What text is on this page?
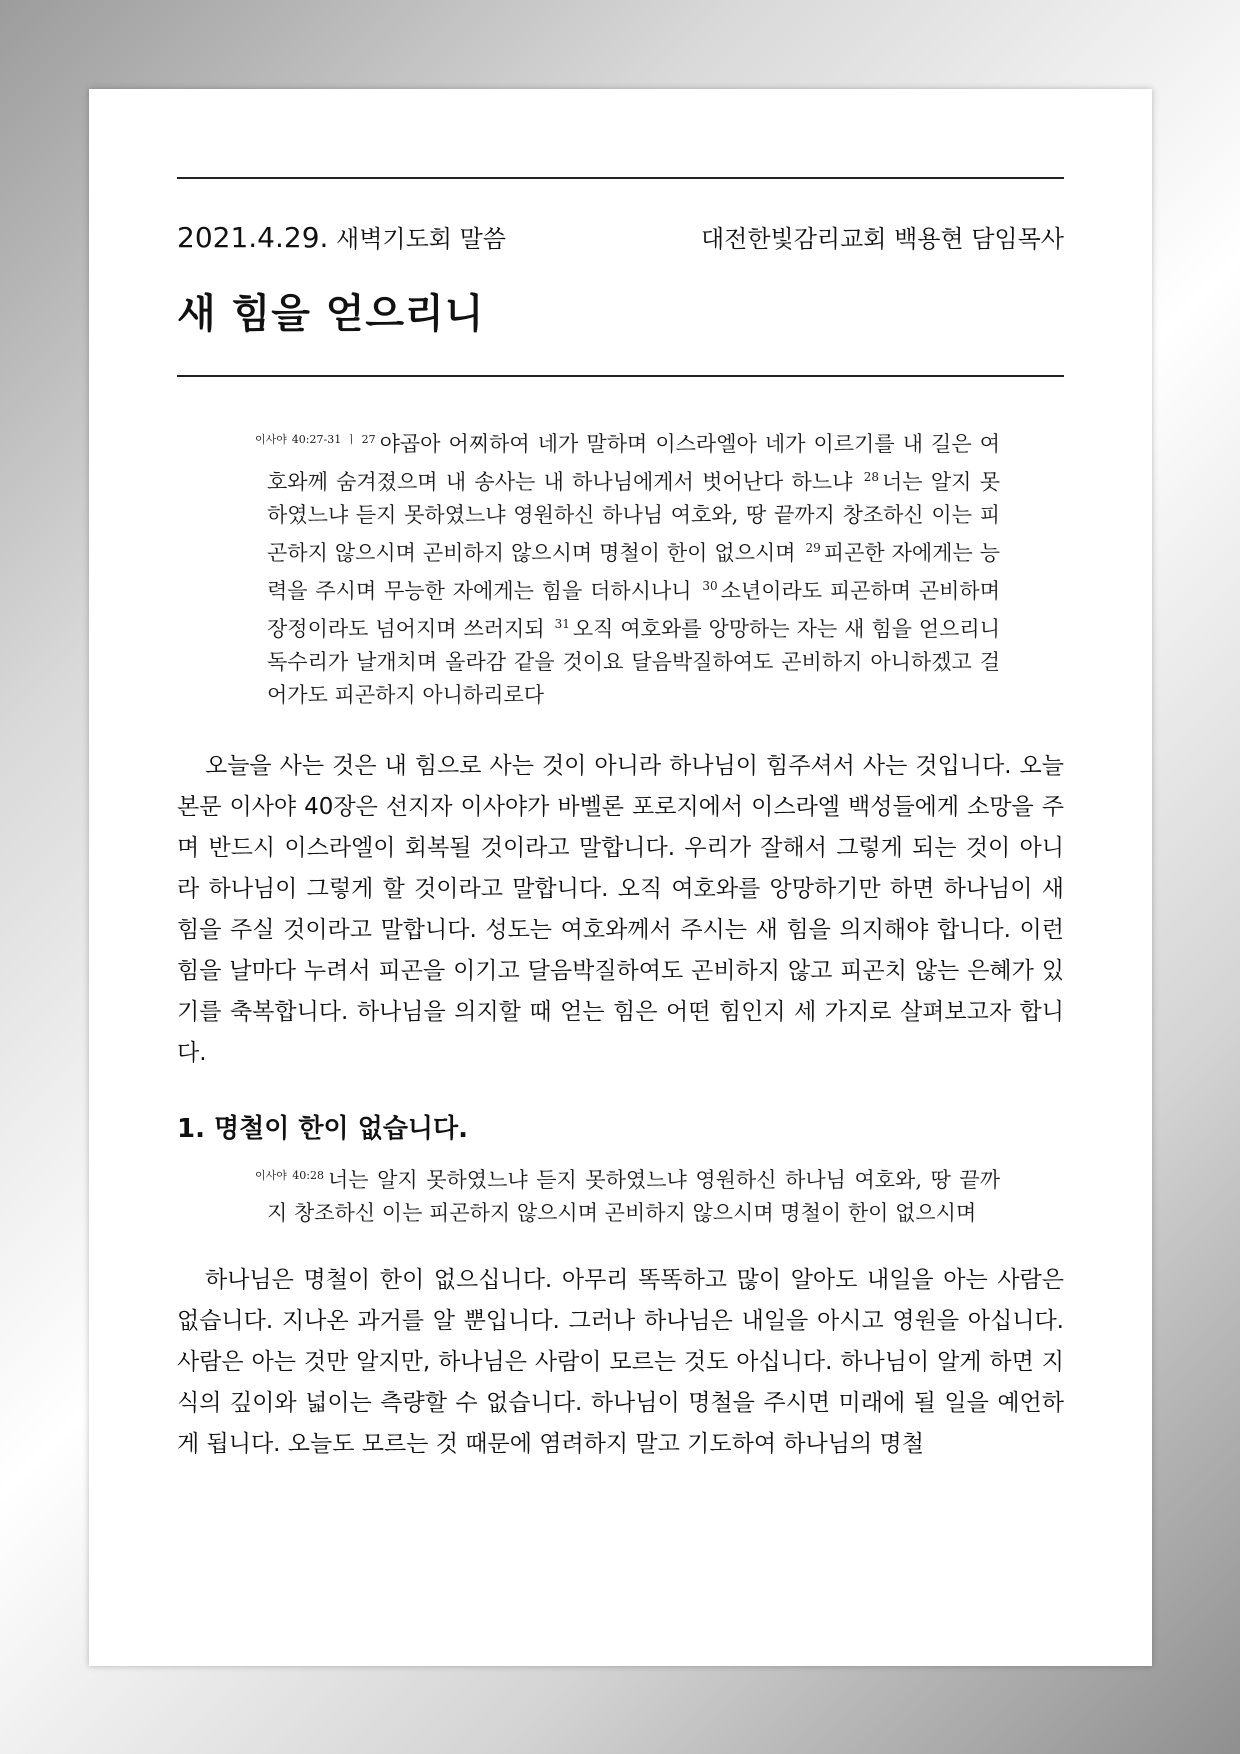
2021.4.29. 새벽기도회 말씀	대전한빛감리교회 백용현 담임목사
새 힘을 얻으리니
$^{이사야 40:27-31 ㅣ 27}$ 야곱아 어찌하여 네가 말하며 이스라엘아 네가 이르기를 내 길은 여호와께 숨겨졌으며 내 송사는 내 하나님에게서 벗어난다 하느냐 $^{28}$ 너는 알지 못하였느냐 듣지 못하였느냐 영원하신 하나님 여호와, 땅 끝까지 창조하신 이는 피곤하지 않으시며 곤비하지 않으시며 명철이 한이 없으시며 $^{29}$ 피곤한 자에게는 능력을 주시며 무능한 자에게는 힘을 더하시나니 $^{30}$ 소년이라도 피곤하며 곤비하며 장정이라도 넘어지며 쓰러지되 $^{31}$ 오직 여호와를 앙망하는 자는 새 힘을 얻으리니 독수리가 날개치며 올라감 같을 것이요 달음박질하여도 곤비하지 아니하겠고 걸어가도 피곤하지 아니하리로다

오늘을 사는 것은 내 힘으로 사는 것이 아니라 하나님이 힘주셔서 사는 것입니다. 오늘 본문 이사야 40장은 선지자 이사야가 바벨론 포로지에서 이스라엘 백성들에게 소망을 주며 반드시 이스라엘이 회복될 것이라고 말합니다. 우리가 잘해서 그렇게 되는 것이 아니라 하나님이 그렇게 할 것이라고 말합니다. 오직 여호와를 앙망하기만 하면 하나님이 새 힘을 주실 것이라고 말합니다. 성도는 여호와께서 주시는 새 힘을 의지해야 합니다. 이런 힘을 날마다 누려서 피곤을 이기고 달음박질하여도 곤비하지 않고 피곤치 않는 은혜가 있기를 축복합니다. 하나님을 의지할 때 얻는 힘은 어떤 힘인지 세 가지로 살펴보고자 합니다.

1. 명철이 한이 없습니다.
$^{이사야 40:28}$ 너는 알지 못하였느냐 듣지 못하였느냐 영원하신 하나님 여호와, 땅 끝까지 창조하신 이는 피곤하지 않으시며 곤비하지 않으시며 명철이 한이 없으시며

하나님은 명철이 한이 없으십니다. 아무리 똑똑하고 많이 알아도 내일을 아는 사람은 없습니다. 지나온 과거를 알 뿐입니다. 그러나 하나님은 내일을 아시고 영원을 아십니다. 사람은 아는 것만 알지만, 하나님은 사람이 모르는 것도 아십니다. 하나님이 알게 하면 지식의 깊이와 넓이는 측량할 수 없습니다. 하나님이 명철을 주시면 미래에 될 일을 예언하게 됩니다. 오늘도 모르는 것 때문에 염려하지 말고 기도하여 하나님의 명철
